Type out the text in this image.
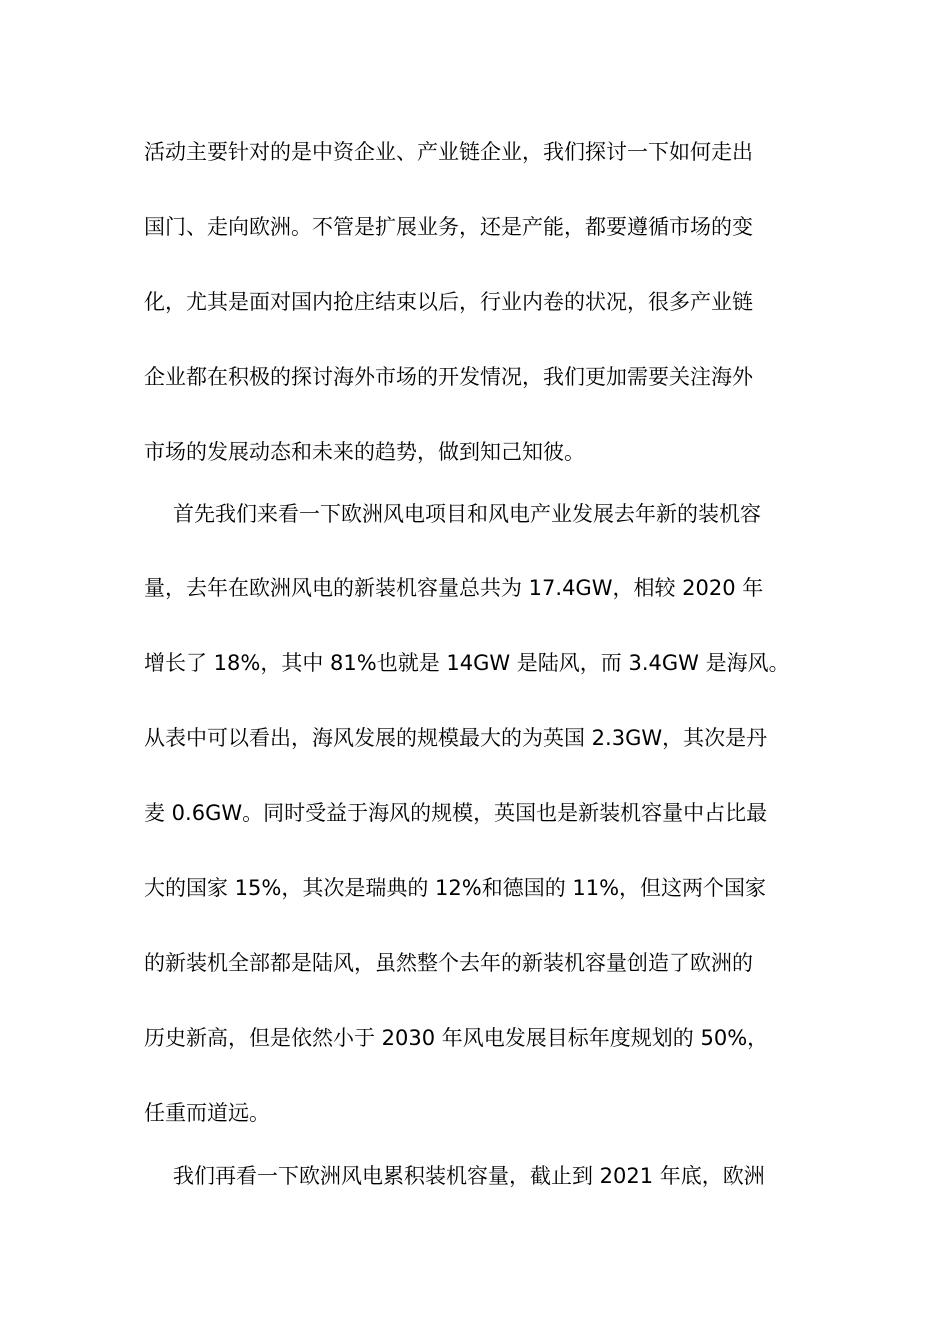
活动主要针对的是中资企业、产业链企业，我们探讨一下如何走出
国门、走向欧洲。不管是扩展业务，还是产能，都要遵循市场的变
化，尤其是面对国内抢庄结束以后，行业内卷的状况，很多产业链
企业都在积极的探讨海外市场的开发情况，我们更加需要关注海外
市场的发展动态和未来的趋势，做到知己知彼。
首先我们来看一下欧洲风电项目和风电产业发展去年新的装机容
量，去年在欧洲风电的新装机容量总共为 17.4GW，相较 2020 年
增长了 18%，其中 81%也就是 14GW 是陆风，而 3.4GW 是海风。
从表中可以看出，海风发展的规模最大的为英国 2.3GW，其次是丹
麦 0.6GW。同时受益于海风的规模，英国也是新装机容量中占比最
大的国家 15%，其次是瑞典的 12%和德国的 11%，但这两个国家
的新装机全部都是陆风，虽然整个去年的新装机容量创造了欧洲的
历史新高，但是依然小于 2030 年风电发展目标年度规划的 50%，
任重而道远。
我们再看一下欧洲风电累积装机容量，截止到 2021 年底，欧洲
